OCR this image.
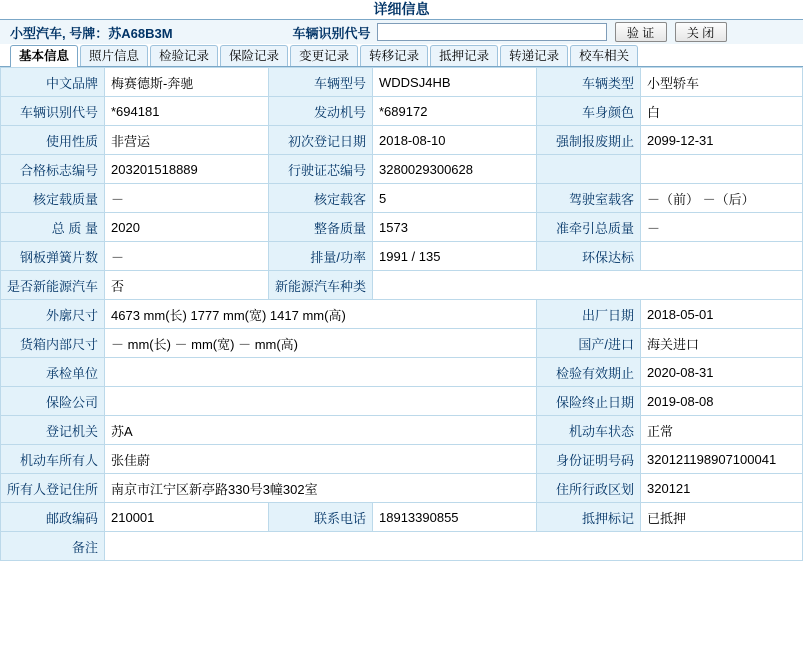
详细信息
小型汽车, 号牌：苏A68B3M	车辆识别代号	验 证	关 闭
基本信息	照片信息	检验记录	保险记录	变更记录	转移记录	抵押记录	转递记录	校车相关
中文品牌	梅赛德斯-奔驰	车辆型号	WDDSJ4HB	车辆类型	小型轿车
车辆识别代号	*694181	发动机号	*689172	车身颜色	白
使用性质	非营运	初次登记日期	2018-08-10	强制报废期止	2099-12-31
合格标志编号	203201518889	行驶证芯编号	3280029300628		
核定载质量	－	核定载客	5	驾驶室载客	－（前） －（后）
总 质 量	2020	整备质量	1573	准牵引总质量	－
钢板弹簧片数	－	排量/功率	1991 / 135	环保达标	
是否新能源汽车	否	新能源汽车种类			
外廓尺寸	4673 mm(长) 1777 mm(宽) 1417 mm(高)			出厂日期	2018-05-01
货箱内部尺寸	－ mm(长) － mm(宽) － mm(高)			国产/进口	海关进口
承检单位				检验有效期止	2020-08-31
保险公司				保险终止日期	2019-08-08
登记机关	苏A			机动车状态	正常
机动车所有人	张佳蔚			身份证明号码	320121198907100041
所有人登记住所	南京市江宁区新亭路330号3幢302室			住所行政区划	320121
邮政编码	210001	联系电话	18913390855	抵押标记	已抵押
备注					
